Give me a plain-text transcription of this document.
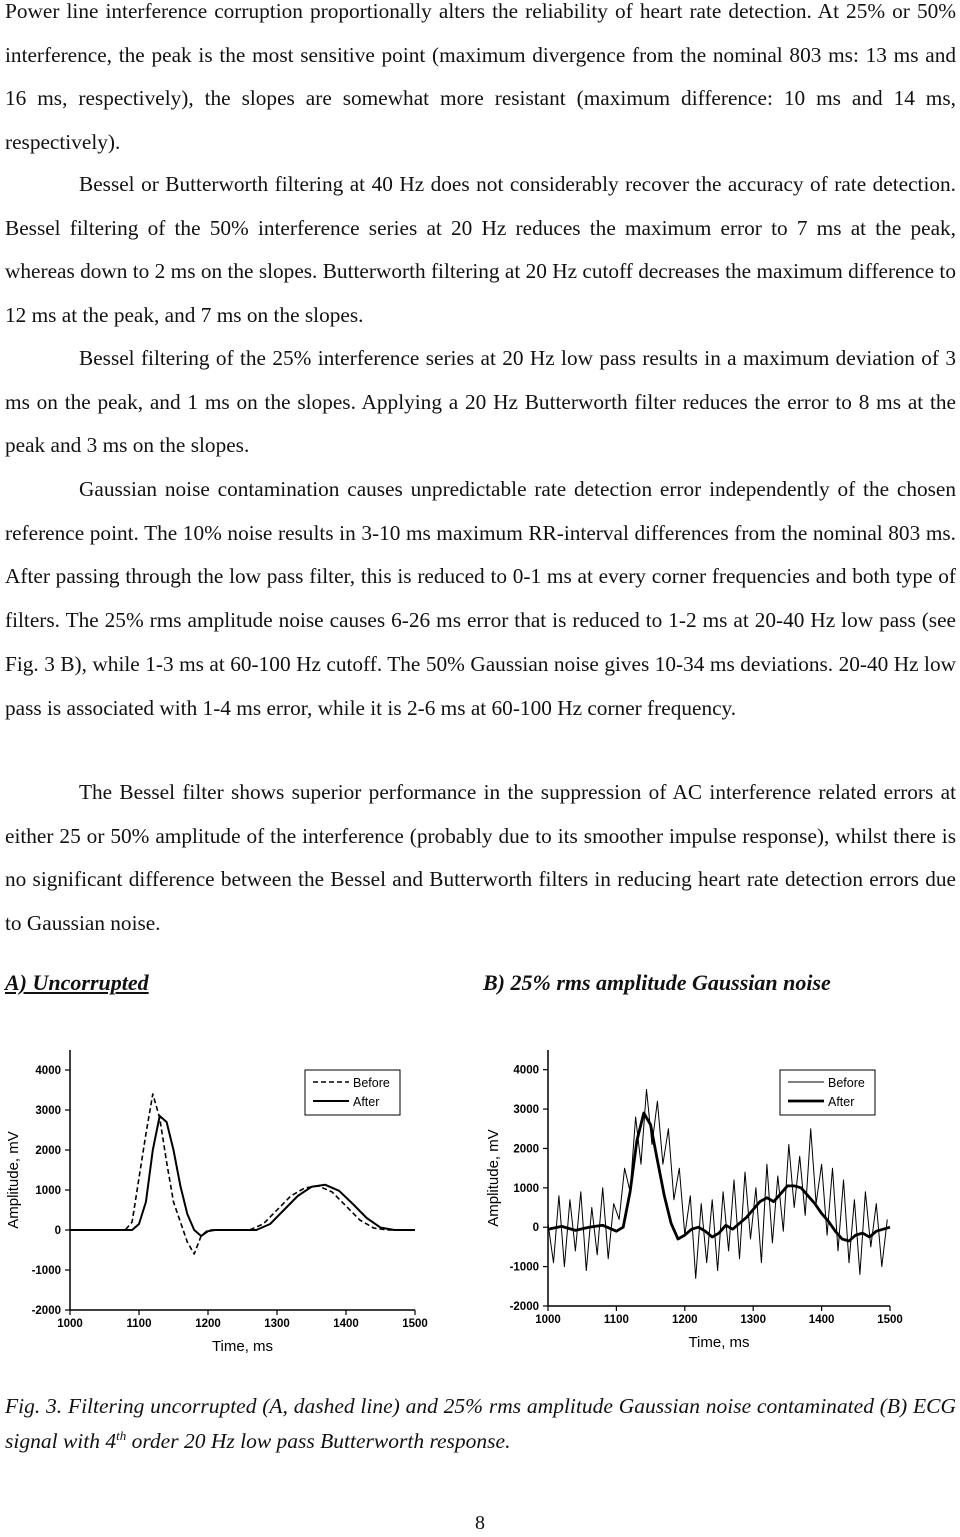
Power line interference corruption proportionally alters the reliability of heart rate detection. At 25% or 50% interference, the peak is the most sensitive point (maximum divergence from the nominal 803 ms: 13 ms and 16 ms, respectively), the slopes are somewhat more resistant (maximum difference: 10 ms and 14 ms, respectively).

Bessel or Butterworth filtering at 40 Hz does not considerably recover the accuracy of rate detection. Bessel filtering of the 50% interference series at 20 Hz reduces the maximum error to 7 ms at the peak, whereas down to 2 ms on the slopes. Butterworth filtering at 20 Hz cutoff decreases the maximum difference to 12 ms at the peak, and 7 ms on the slopes.

Bessel filtering of the 25% interference series at 20 Hz low pass results in a maximum deviation of 3 ms on the peak, and 1 ms on the slopes. Applying a 20 Hz Butterworth filter reduces the error to 8 ms at the peak and 3 ms on the slopes.

Gaussian noise contamination causes unpredictable rate detection error independently of the chosen reference point. The 10% noise results in 3-10 ms maximum RR-interval differences from the nominal 803 ms. After passing through the low pass filter, this is reduced to 0-1 ms at every corner frequencies and both type of filters. The 25% rms amplitude noise causes 6-26 ms error that is reduced to 1-2 ms at 20-40 Hz low pass (see Fig. 3 B), while 1-3 ms at 60-100 Hz cutoff. The 50% Gaussian noise gives 10-34 ms deviations. 20-40 Hz low pass is associated with 1-4 ms error, while it is 2-6 ms at 60-100 Hz corner frequency.

The Bessel filter shows superior performance in the suppression of AC interference related errors at either 25 or 50% amplitude of the interference (probably due to its smoother impulse response), whilst there is no significant difference between the Bessel and Butterworth filters in reducing heart rate detection errors due to Gaussian noise.

A) Uncorrupted	B) 25% rms amplitude Gaussian noise

-2000
-1000
0
1000
2000
3000
4000
1000	1100	1200	1300	1400	1500
Time, ms
Amplitude, mV
Before
After
-2000
-1000
0
1000
2000
3000
4000
1000	1100	1200	1300	1400	1500
Time, ms
Amplitude, mV
Before
After

Fig. 3. Filtering uncorrupted (A, dashed line) and 25% rms amplitude Gaussian noise contaminated (B) ECG signal with 4th order 20 Hz low pass Butterworth response.

8
